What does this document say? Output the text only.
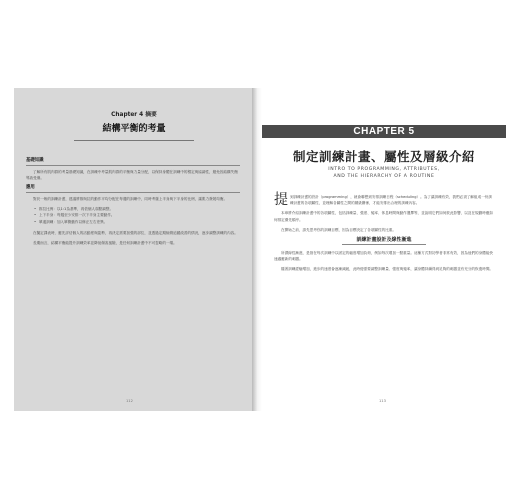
Chapter 4 摘要
結構平衡的考量
基礎知識

了解所有肌肉群的考量基礎知識，在訓練中考量肌肉群的平衡與力量分配，以保持身體在訓練中的穩定與協調性，避免因結構失衡導致受傷。

應用

對於一般的訓練計畫，建議將推與拉的動作平均分配在每週的訓練中，同時考慮上半身與下半身的比例，讓肌力發展均衡。

• 推拉比例：以1:1為基準，再依個人弱點調整。
• 上下半身：每週至少安排一次下半身主要動作。
• 單邊訓練：加入單側動作以修正左右差異。

在擬定課表時，應先評估個人的活動度與姿勢，再決定需要加強的部位，並透過定期檢測追蹤改善的情況，逐步調整訓練的內容。

長期而言，結構平衡能提升訓練效率並降低傷害風險，是任何訓練計畫中不可忽略的一環。

112
CHAPTER 5
制定訓練計畫、屬性及層級介紹
INTRO TO PROGRAMMING, ATTRIBUTES,
AND THE HIERARCHY OF A ROUTINE

提 到訓練計畫的設計（programming），就會聯想到安排訓練日程（scheduling）。為了讓訓練有效，我們必須了解組成一份訓練計畫的各項屬性，並理解各屬性之間的層級關係，才能安排出合理的訓練內容。

本章將介紹訓練計畫中的各項屬性，包括訓練量、強度、頻率、休息時間與動作選擇等，並說明它們如何彼此影響，以及在規劃時應如何排定優先順序。

在開始之前，請先思考你的訓練目標，因為目標決定了各項屬性的比重。

訓練計畫設計及線性漸進

所謂線性漸進，是指在每次訓練中以固定的幅度增加負荷，例如每次增加一點重量。這種方式對初學者非常有效，因為他們的身體能快速適應新的刺激。

隨著訓練經驗增加，進步的速度會逐漸減緩，此時便需要調整訓練量、強度與頻率，讓身體持續得到足夠的刺激並有充分的恢復時間。

113
